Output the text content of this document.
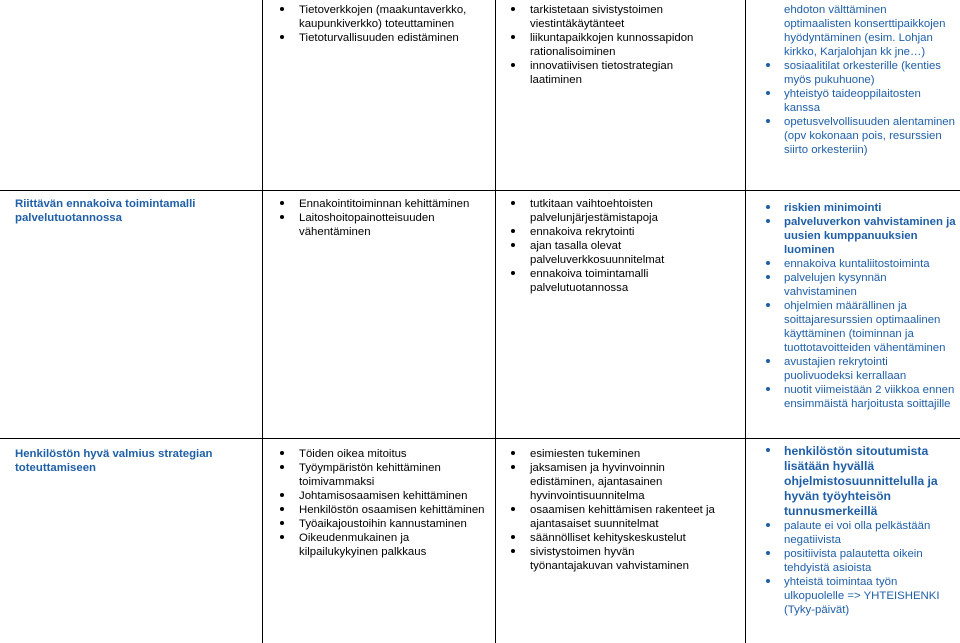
Tietoverkkojen (maakuntaverkko, kaupunkiverkko) toteuttaminen
Tietoturvallisuuden edistäminen
tarkistetaan sivistystoimen viestintäkäytänteet
liikuntapaikkojen kunnossapidon rationalisoiminen
innovatiivisen tietostrategian laatiminen
ehdoton välttäminen optimaalisten konserttipaikkojen hyödyntäminen (esim. Lohjan kirkko, Karjalohjan kk jne…)
sosiaalitilat orkesterille (kenties myös pukuhuone)
yhteistyö taideoppilaitosten kanssa
opetusvelvollisuuden alentaminen (opv kokonaan pois, resurssien siirto orkesteriin)
Riittävän ennakoiva toimintamalli palvelutuotannossa
Ennakointitoiminnan kehittäminen
Laitoshoitopainotteisuuden vähentäminen
tutkitaan vaihtoehtoisten palvelunjärjestämistapoja
ennakoiva rekrytointi
ajan tasalla olevat palveluverkkosuunnitelmat
ennakoiva toimintamalli palvelutuotannossa
riskien minimointi
palveluverkon vahvistaminen ja uusien kumppanuuksien luominen
ennakoiva kuntaliitostoiminta
palvelujen kysynnän vahvistaminen
ohjelmien määrällinen ja soittajaresurssien optimaalinen käyttäminen (toiminnan ja tuottotavoitteiden vähentäminen
avustajien rekrytointi puolivuodeksi kerrallaan
nuotit viimeistään 2 viikkoa ennen ensimmäistä harjoitusta soittajille
Henkilöstön hyvä valmius strategian toteuttamiseen
Töiden oikea mitoitus
Työympäristön kehittäminen toimivammaksi
Johtamisosaamisen kehittäminen
Henkilöstön osaamisen kehittäminen
Työaikajoustoihin kannustaminen
Oikeudenmukainen ja kilpailukykyinen palkkaus
esimiesten tukeminen
jaksamisen ja hyvinvoinnin edistäminen, ajantasainen hyvinvointisuunnitelma
osaamisen kehittämisen rakenteet ja ajantasaiset suunnitelmat
säännölliset kehityskeskustelut
sivistystoimen hyvän työnantajakuvan vahvistaminen
henkilöstön sitoutumista lisätään hyvällä ohjelmistosuunnittelulla ja hyvän työyhteisön tunnusmerkeillä
palaute ei voi olla pelkästään negatiivista
positiivista palautetta oikein tehdyistä asioista
yhteistä toimintaa työn ulkopuolelle => YHTEISHENKI (Tyky-päivät)
